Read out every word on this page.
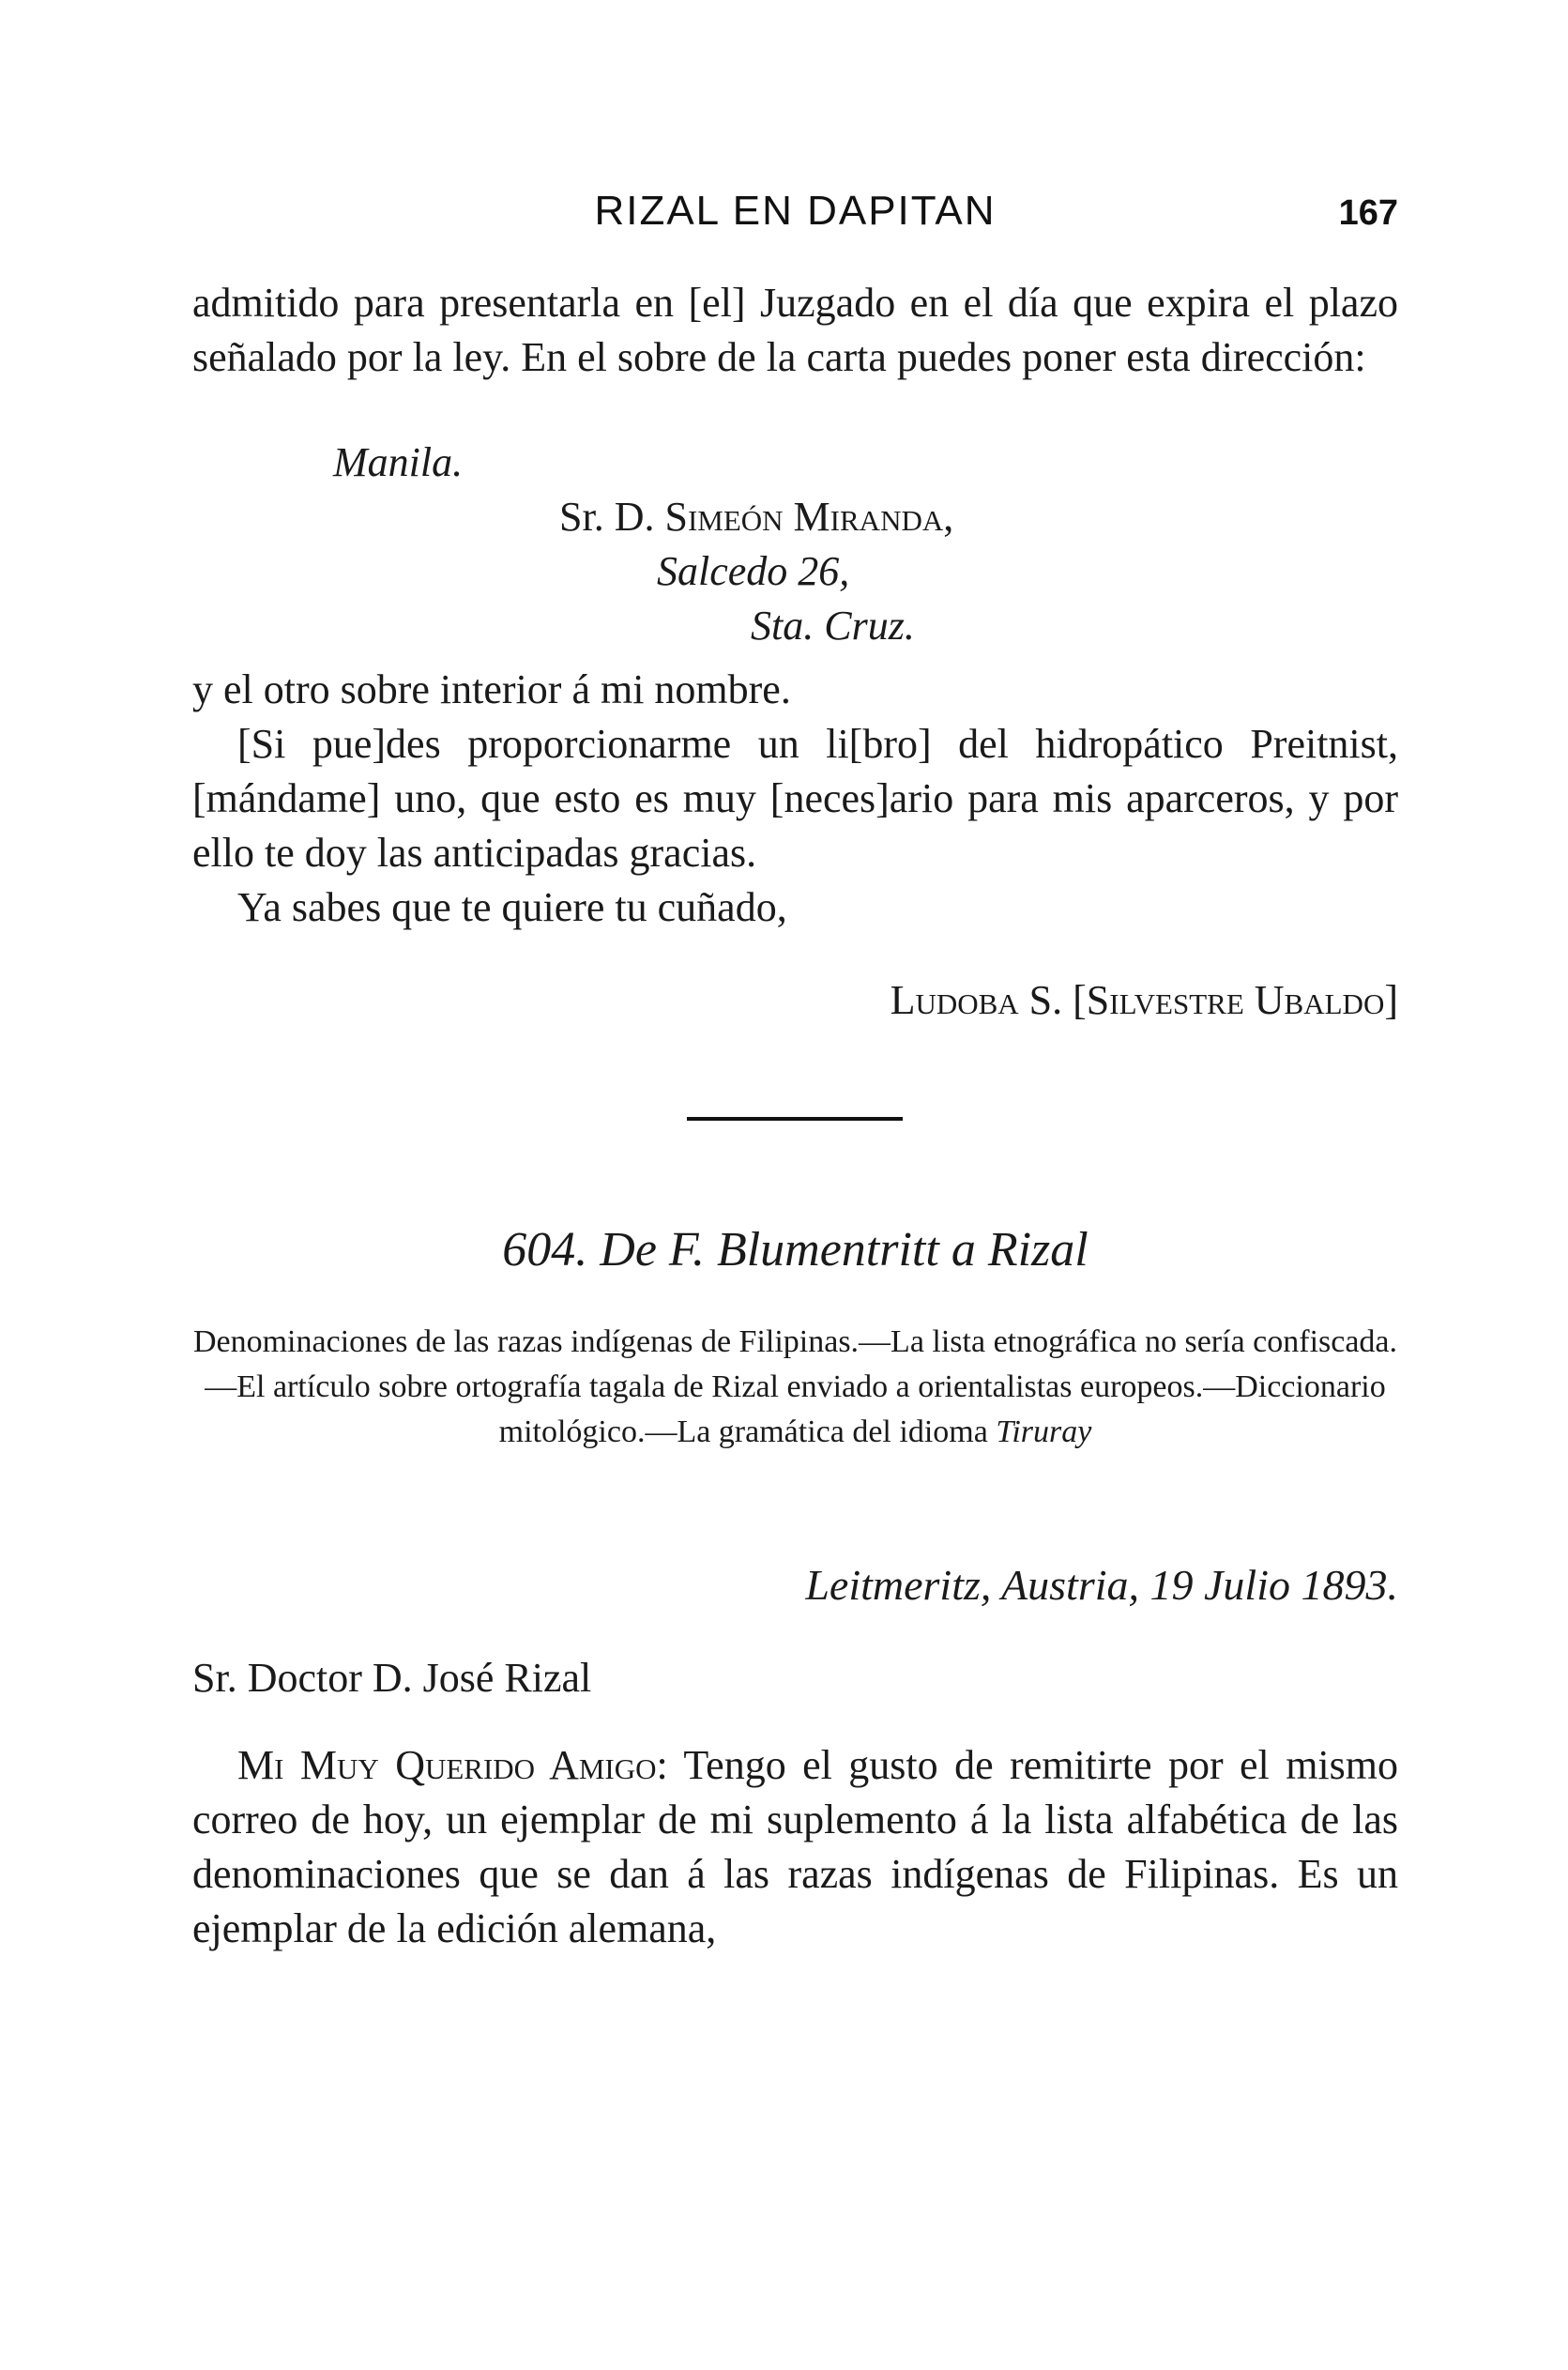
RIZAL EN DAPITAN	167

admitido para presentarla en [el] Juzgado en el día que expira el plazo señalado por la ley. En el sobre de la carta puedes poner esta dirección:

Manila.
Sr. D. Simeón Miranda,
Salcedo 26,
Sta. Cruz.

y el otro sobre interior á mi nombre.

[Si pue]des proporcionarme un li[bro] del hidropático Preitnist, [mándame] uno, que esto es muy [neces]ario para mis aparceros, y por ello te doy las anticipadas gracias.

Ya sabes que te quiere tu cuñado,

Ludoba S. [Silvestre Ubaldo]
604. De F. Blumentritt a Rizal
Denominaciones de las razas indígenas de Filipinas.—La lista etnográfica no sería confiscada.—El artículo sobre ortografía tagala de Rizal enviado a orientalistas europeos.—Diccionario mitológico.—La gramática del idioma Tiruray
Leitmeritz, Austria, 19 Julio 1893.
Sr. Doctor D. José Rizal

Mi Muy Querido Amigo: Tengo el gusto de remitirte por el mismo correo de hoy, un ejemplar de mi suplemento á la lista alfabética de las denominaciones que se dan á las razas indígenas de Filipinas. Es un ejemplar de la edición alemana,
